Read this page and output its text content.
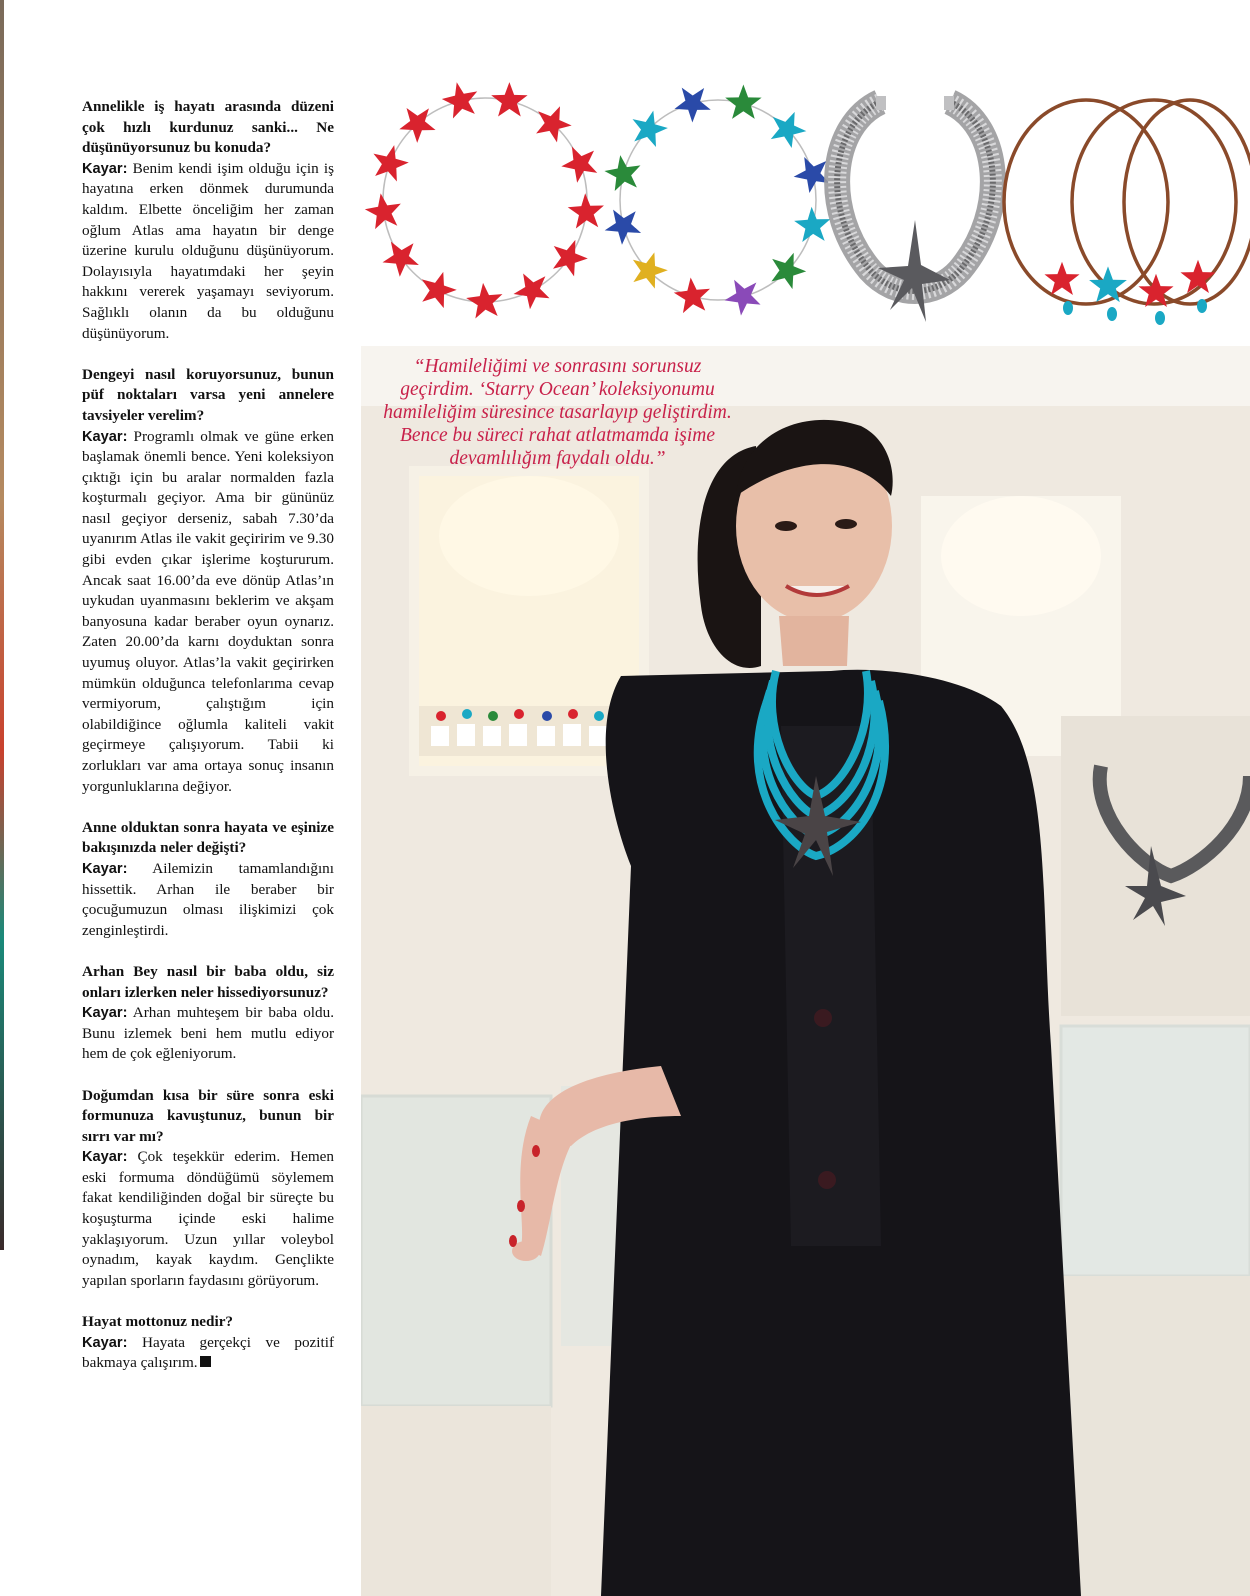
Annelikle iş hayatı arasında düzeni çok hızlı kurdunuz sanki... Ne düşünüyorsunuz bu konuda?

Kayar: Benim kendi işim olduğu için iş hayatına erken dönmek durumunda kaldım. Elbette önceliğim her zaman oğlum Atlas ama hayatın bir denge üzerine kurulu olduğunu düşünüyorum. Dolayısıyla hayatımdaki her şeyin hakkını vererek yaşamayı seviyorum. Sağlıklı olanın da bu olduğunu düşünüyorum.

Dengeyi nasıl koruyorsunuz, bunun püf noktaları varsa yeni annelere tavsiyeler verelim?

Kayar: Programlı olmak ve güne erken başlamak önemli bence. Yeni koleksiyon çıktığı için bu aralar normalden fazla koşturmalı geçiyor. Ama bir gününüz nasıl geçiyor derseniz, sabah 7.30’da uyanırım Atlas ile vakit geçiririm ve 9.30 gibi evden çıkar işlerime koştururum. Ancak saat 16.00’da eve dönüp Atlas’ın uykudan uyanmasını beklerim ve akşam banyosuna kadar beraber oyun oynarız. Zaten 20.00’da karnı doyduktan sonra uyumuş oluyor. Atlas’la vakit geçirirken mümkün olduğunca telefonlarıma cevap vermiyorum, çalıştığım için olabildiğince oğlumla kaliteli vakit geçirmeye çalışıyorum. Tabii ki zorlukları var ama ortaya sonuç insanın yorgunluklarına değiyor.

Anne olduktan sonra hayata ve eşinize bakışınızda neler değişti?

Kayar: Ailemizin tamamlandığını hissettik. Arhan ile beraber bir çocuğumuzun olması ilişkimizi çok zenginleştirdi.

Arhan Bey nasıl bir baba oldu, siz onları izlerken neler hissediyorsunuz?

Kayar: Arhan muhteşem bir baba oldu. Bunu izlemek beni hem mutlu ediyor hem de çok eğleniyorum.

Doğumdan kısa bir süre sonra eski formunuza kavuştunuz, bunun bir sırrı var mı?

Kayar: Çok teşekkür ederim. Hemen eski formuma döndüğümü söylemem fakat kendiliğinden doğal bir süreçte bu koşuşturma içinde eski halime yaklaşıyorum. Uzun yıllar voleybol oynadım, kayak kaydım. Gençlikte yapılan sporların faydasını görüyorum.

Hayat mottonuz nedir?

Kayar: Hayata gerçekçi ve pozitif bakmaya çalışırım.

“Hamileliğimi ve sonrasını sorunsuz geçirdim. ‘Starry Ocean’ koleksiyonumu hamileliğim süresince tasarlayıp geliştirdim. Bence bu süreci rahat atlatmamda işime devamlılığım faydalı oldu.”
